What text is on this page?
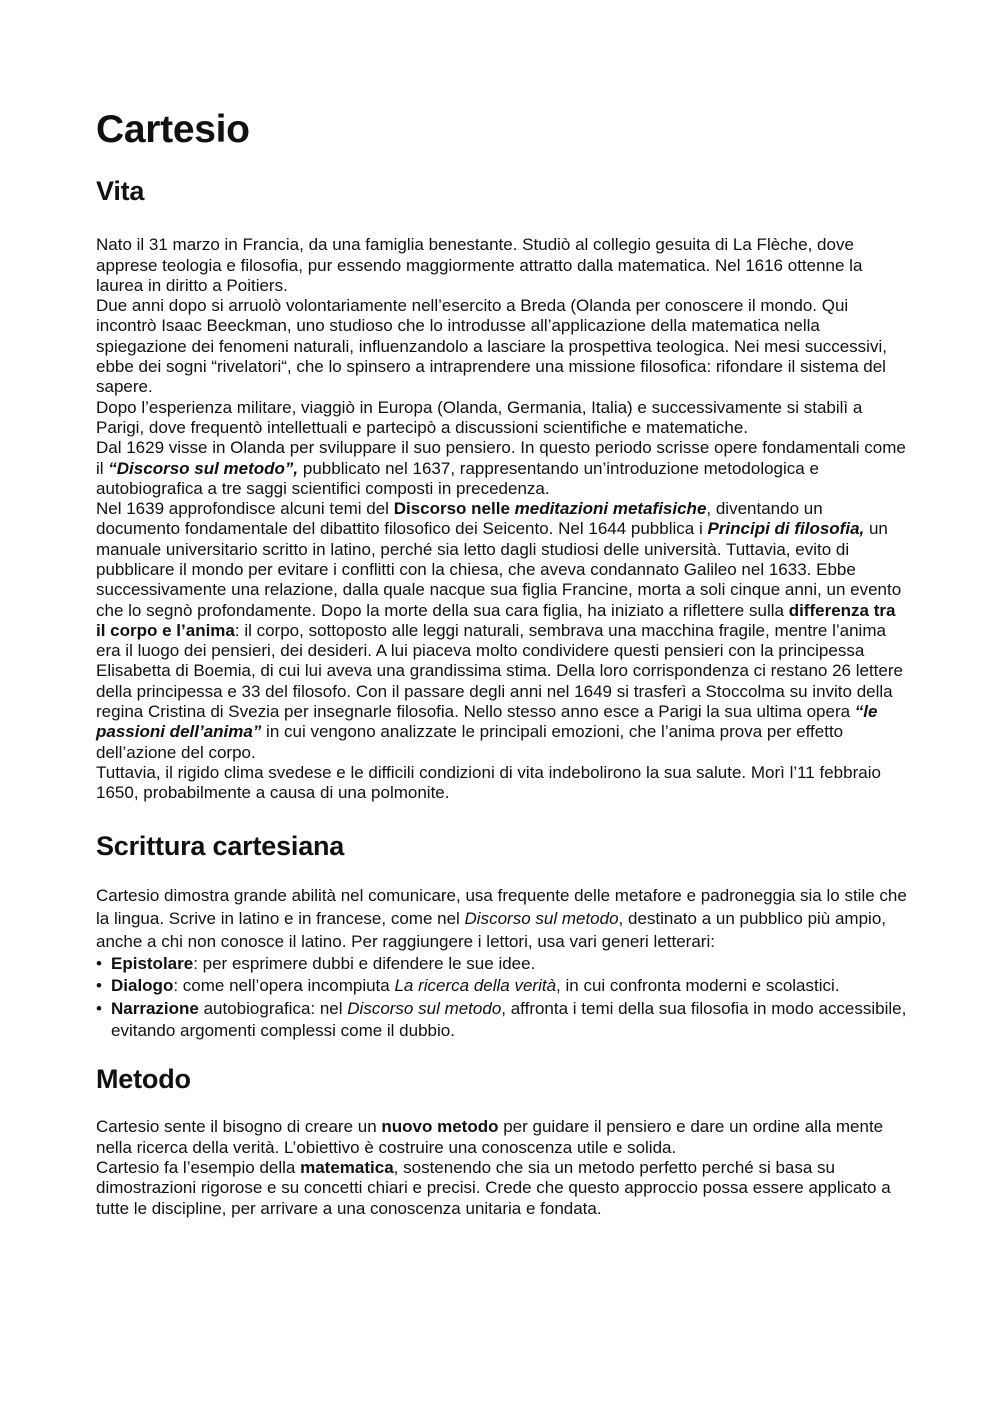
Cartesio
Vita

Nato il 31 marzo in Francia, da una famiglia benestante. Studiò al collegio gesuita di La Flèche, dove apprese teologia e filosofia, pur essendo maggiormente attratto dalla matematica. Nel 1616 ottenne la laurea in diritto a Poitiers.

Due anni dopo si arruolò volontariamente nell’esercito a Breda (Olanda per conoscere il mondo. Qui incontrò Isaac Beeckman, uno studioso che lo introdusse all’applicazione della matematica nella spiegazione dei fenomeni naturali, influenzandolo a lasciare la prospettiva teologica. Nei mesi successivi, ebbe dei sogni “rivelatori“, che lo spinsero a intraprendere una missione filosofica: rifondare il sistema del sapere.

Dopo l’esperienza militare, viaggiò in Europa (Olanda, Germania, Italia) e successivamente si stabilì a Parigi, dove frequentò intellettuali e partecipò a discussioni scientifiche e matematiche.

Dal 1629 visse in Olanda per sviluppare il suo pensiero. In questo periodo scrisse opere fondamentali come il “Discorso sul metodo”, pubblicato nel 1637, rappresentando un’introduzione metodologica e autobiografica a tre saggi scientifici composti in precedenza.

Nel 1639 approfondisce alcuni temi del Discorso nelle meditazioni metafisiche, diventando un documento fondamentale del dibattito filosofico dei Seicento. Nel 1644 pubblica i Principi di filosofia, un manuale universitario scritto in latino, perché sia letto dagli studiosi delle università. Tuttavia, evito di pubblicare il mondo per evitare i conflitti con la chiesa, che aveva condannato Galileo nel 1633. Ebbe successivamente una relazione, dalla quale nacque sua figlia Francine, morta a soli cinque anni, un evento che lo segnò profondamente. Dopo la morte della sua cara figlia, ha iniziato a riflettere sulla differenza tra il corpo e l’anima: il corpo, sottoposto alle leggi naturali, sembrava una macchina fragile, mentre l’anima era il luogo dei pensieri, dei desideri. A lui piaceva molto condividere questi pensieri con la principessa Elisabetta di Boemia, di cui lui aveva una grandissima stima. Della loro corrispondenza ci restano 26 lettere della principessa e 33 del filosofo. Con il passare degli anni nel 1649 si trasferì a Stoccolma su invito della regina Cristina di Svezia per insegnarle filosofia. Nello stesso anno esce a Parigi la sua ultima opera “le passioni dell’anima” in cui vengono analizzate le principali emozioni, che l’anima prova per effetto dell’azione del corpo.

Tuttavia, il rigido clima svedese e le difficili condizioni di vita indebolirono la sua salute. Morì l’11 febbraio 1650, probabilmente a causa di una polmonite.

Scrittura cartesiana

Cartesio dimostra grande abilità nel comunicare, usa frequente delle metafore e padroneggia sia lo stile che la lingua. Scrive in latino e in francese, come nel Discorso sul metodo, destinato a un pubblico più ampio, anche a chi non conosce il latino. Per raggiungere i lettori, usa vari generi letterari:

• Epistolare: per esprimere dubbi e difendere le sue idee.
• Dialogo: come nell’opera incompiuta La ricerca della verità, in cui confronta moderni e scolastici.
• Narrazione autobiografica: nel Discorso sul metodo, affronta i temi della sua filosofia in modo accessibile, evitando argomenti complessi come il dubbio.
Metodo

Cartesio sente il bisogno di creare un nuovo metodo per guidare il pensiero e dare un ordine alla mente nella ricerca della verità. L’obiettivo è costruire una conoscenza utile e solida.

Cartesio fa l’esempio della matematica, sostenendo che sia un metodo perfetto perché si basa su dimostrazioni rigorose e su concetti chiari e precisi. Crede che questo approccio possa essere applicato a tutte le discipline, per arrivare a una conoscenza unitaria e fondata.
